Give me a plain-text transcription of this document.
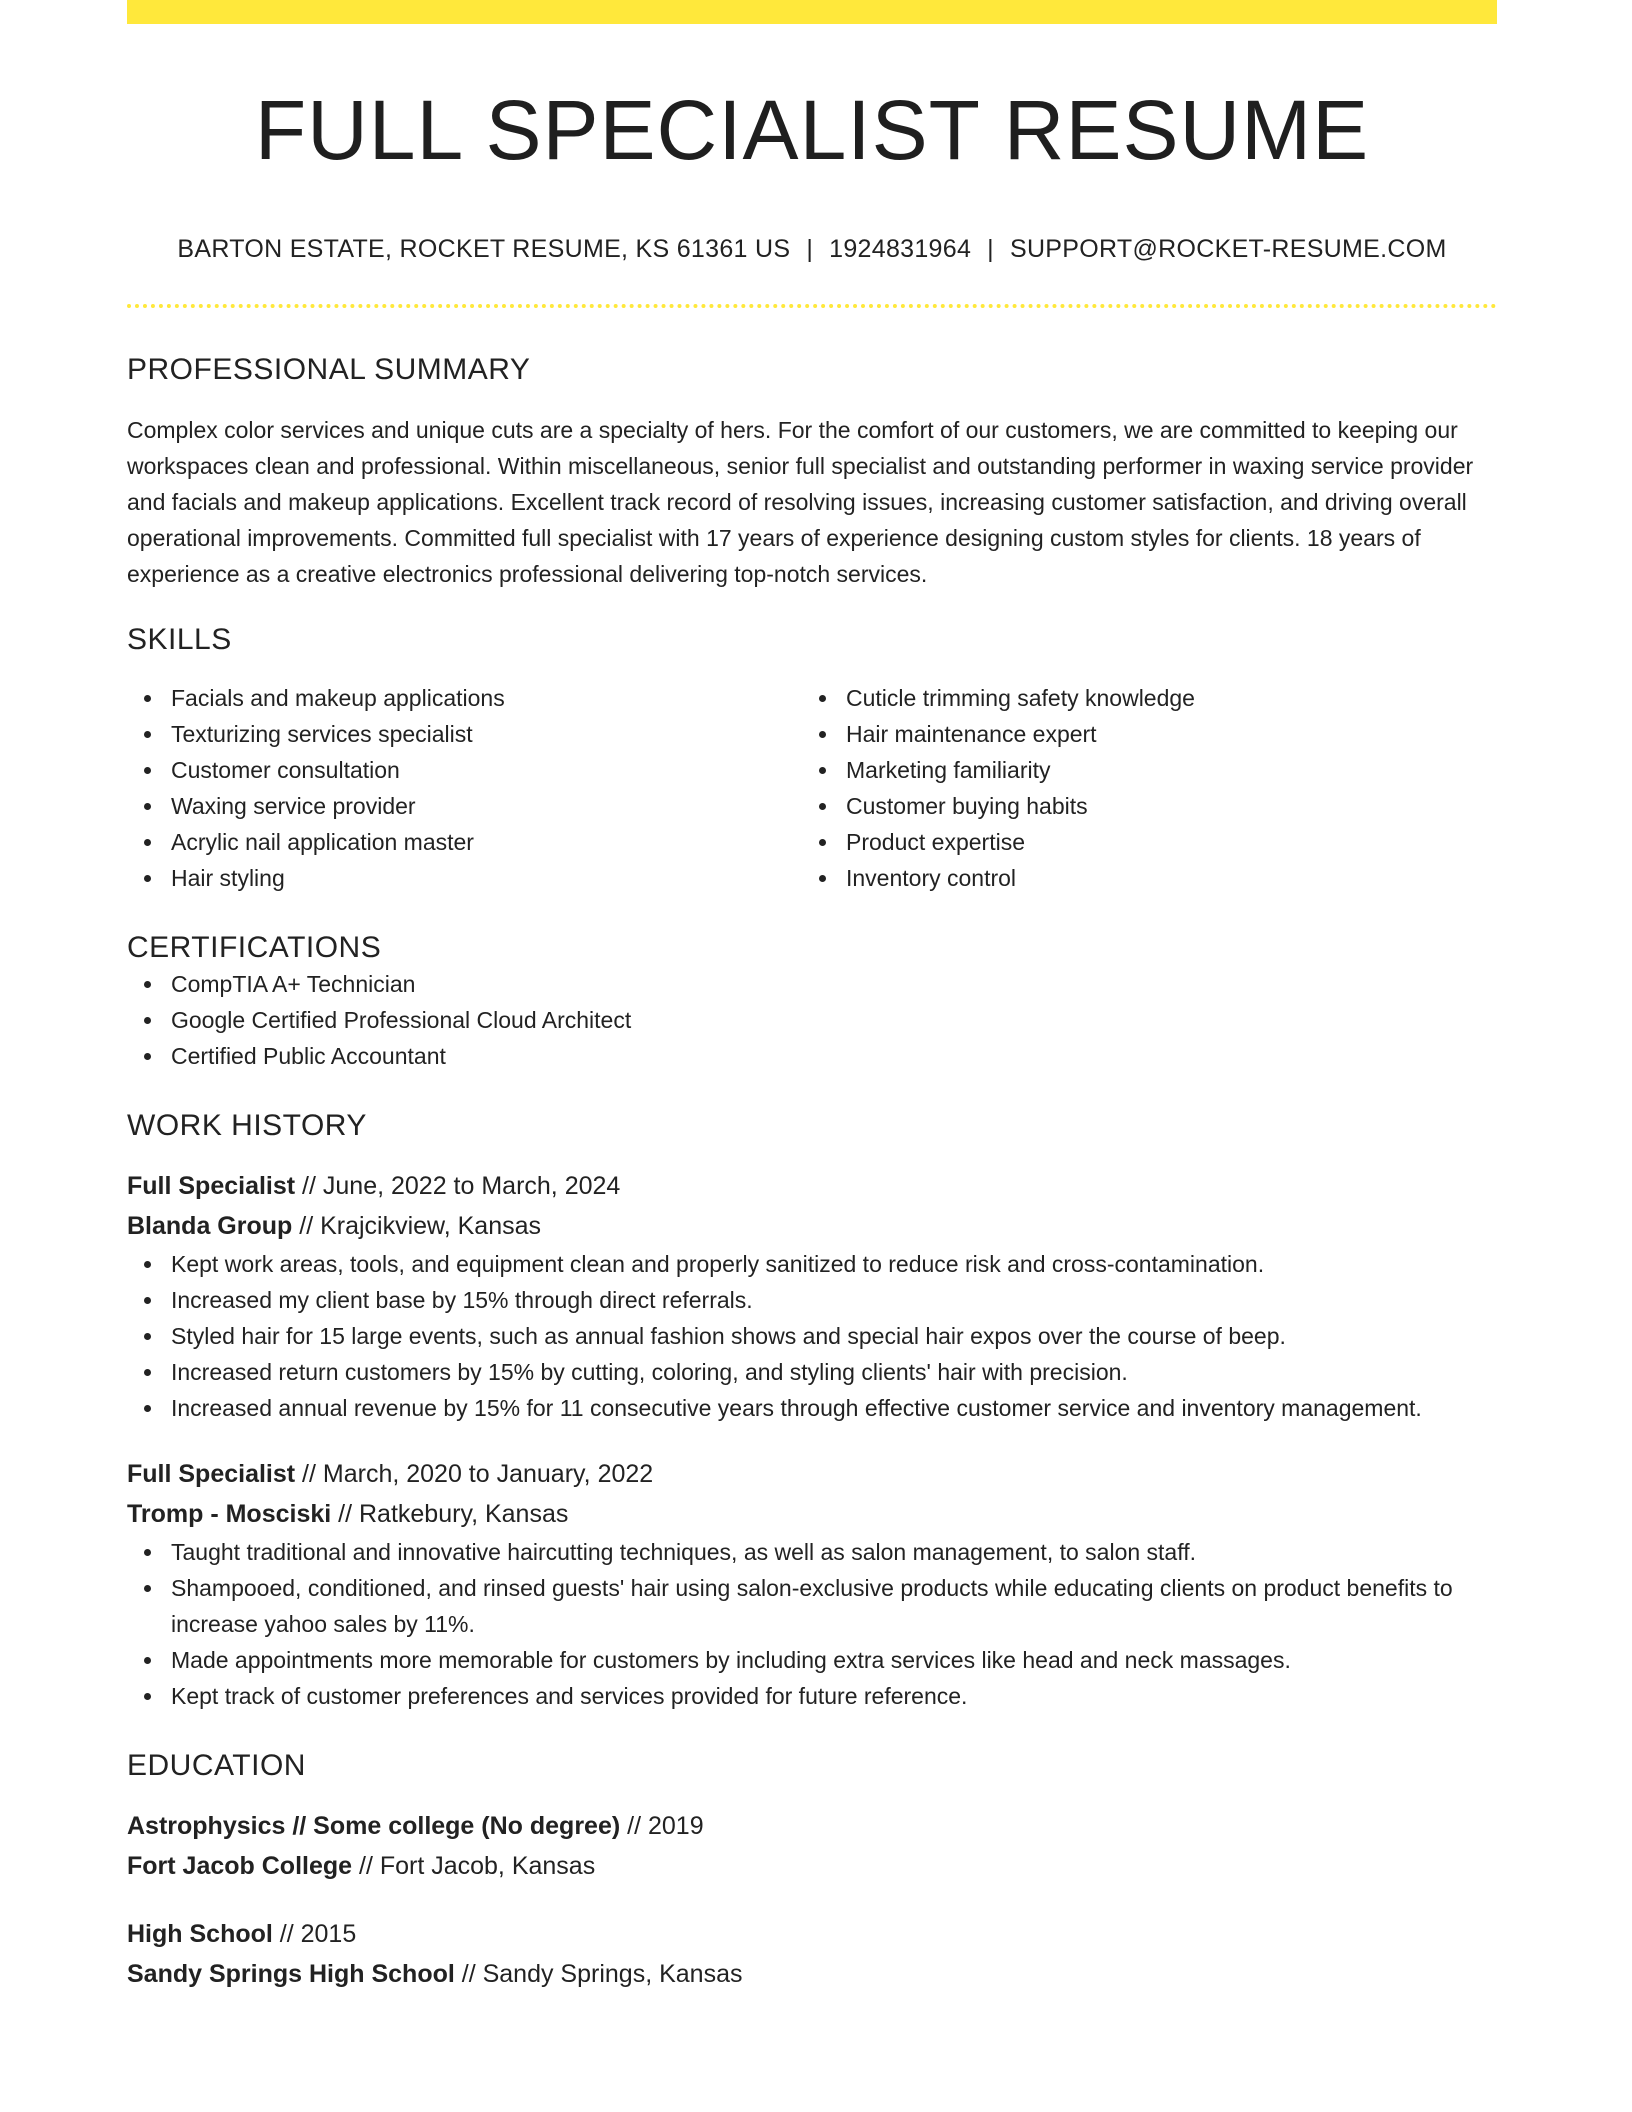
FULL SPECIALIST RESUME
BARTON ESTATE, ROCKET RESUME, KS 61361 US | 1924831964 | SUPPORT@ROCKET-RESUME.COM
PROFESSIONAL SUMMARY
Complex color services and unique cuts are a specialty of hers. For the comfort of our customers, we are committed to keeping our workspaces clean and professional. Within miscellaneous, senior full specialist and outstanding performer in waxing service provider and facials and makeup applications. Excellent track record of resolving issues, increasing customer satisfaction, and driving overall operational improvements. Committed full specialist with 17 years of experience designing custom styles for clients. 18 years of experience as a creative electronics professional delivering top-notch services.
SKILLS
Facials and makeup applications
Texturizing services specialist
Customer consultation
Waxing service provider
Acrylic nail application master
Hair styling
Cuticle trimming safety knowledge
Hair maintenance expert
Marketing familiarity
Customer buying habits
Product expertise
Inventory control
CERTIFICATIONS
CompTIA A+ Technician
Google Certified Professional Cloud Architect
Certified Public Accountant
WORK HISTORY
Full Specialist // June, 2022 to March, 2024
Blanda Group // Krajcikview, Kansas
Kept work areas, tools, and equipment clean and properly sanitized to reduce risk and cross-contamination.
Increased my client base by 15% through direct referrals.
Styled hair for 15 large events, such as annual fashion shows and special hair expos over the course of beep.
Increased return customers by 15% by cutting, coloring, and styling clients' hair with precision.
Increased annual revenue by 15% for 11 consecutive years through effective customer service and inventory management.
Full Specialist // March, 2020 to January, 2022
Tromp - Mosciski // Ratkebury, Kansas
Taught traditional and innovative haircutting techniques, as well as salon management, to salon staff.
Shampooed, conditioned, and rinsed guests' hair using salon-exclusive products while educating clients on product benefits to increase yahoo sales by 11%.
Made appointments more memorable for customers by including extra services like head and neck massages.
Kept track of customer preferences and services provided for future reference.
EDUCATION
Astrophysics // Some college (No degree) // 2019
Fort Jacob College // Fort Jacob, Kansas
High School // 2015
Sandy Springs High School // Sandy Springs, Kansas
